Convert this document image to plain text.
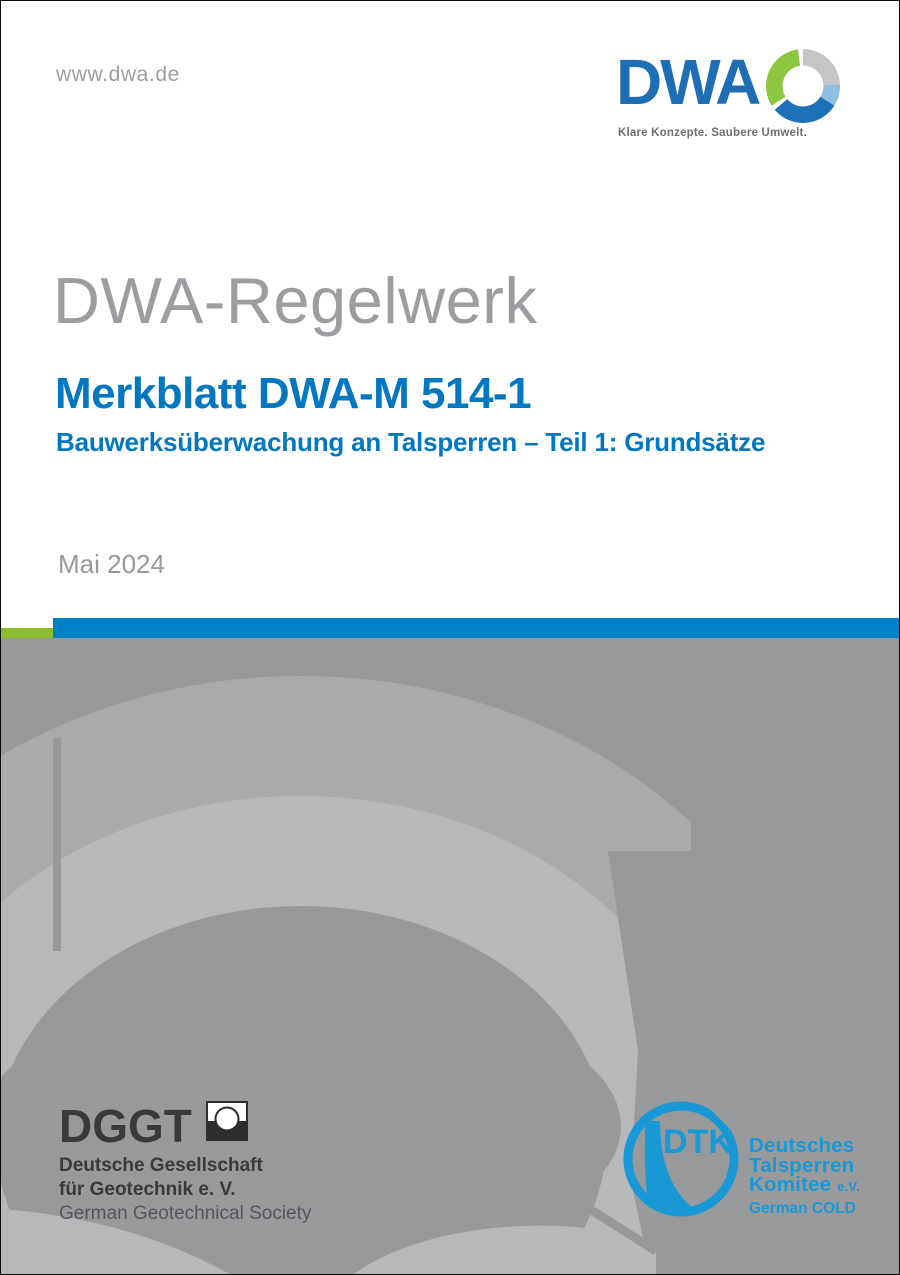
www.dwa.de	DWA
Klare Konzepte. Saubere Umwelt.
DWA-Regelwerk
Merkblatt DWA-M 514-1
Bauwerksüberwachung an Talsperren – Teil 1: Grundsätze
Mai 2024
DTK
DGGT
Deutsche Gesellschaft
für Geotechnik e. V.
German Geotechnical Society
Deutsches
Talsperren
Komitee e.V.
German COLD
